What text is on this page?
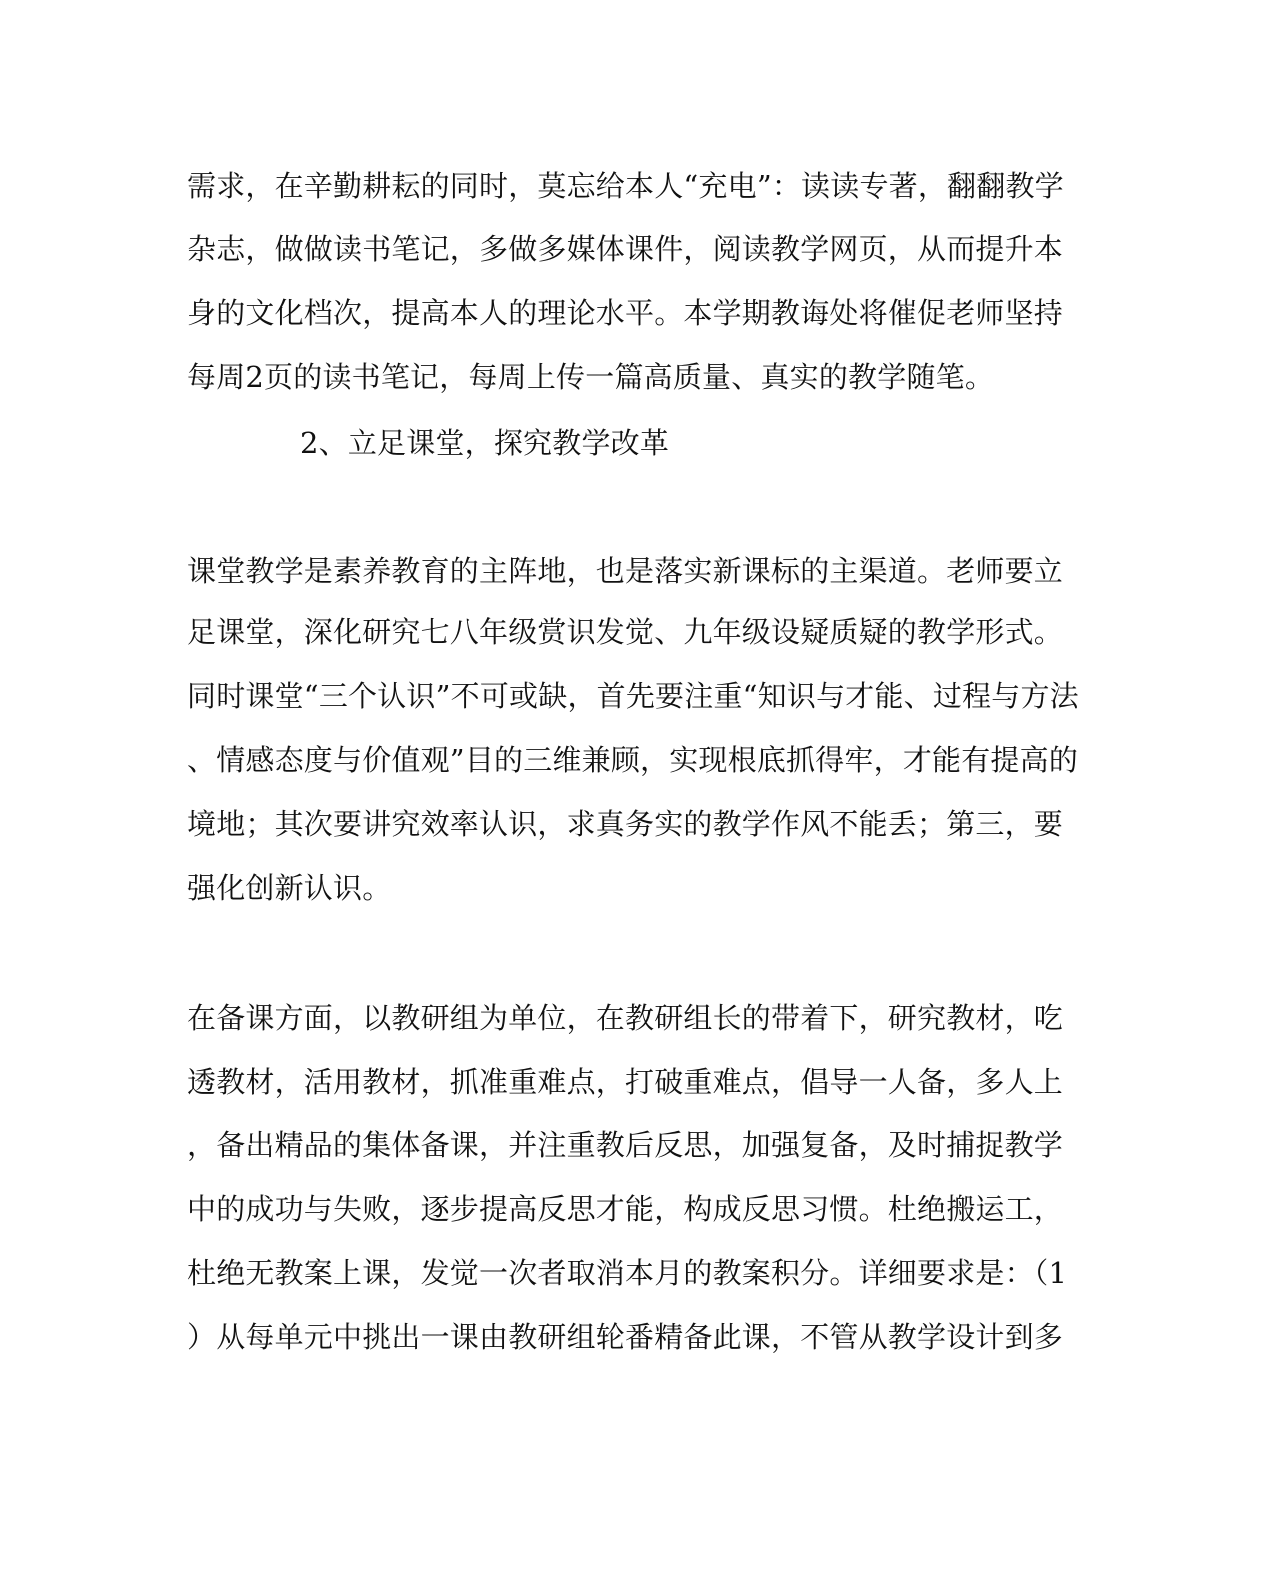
需求，在辛勤耕耘的同时，莫忘给本人“充电”：读读专著，翻翻教学
杂志，做做读书笔记，多做多媒体课件，阅读教学网页，从而提升本
身的文化档次，提高本人的理论水平。本学期教诲处将催促老师坚持
每周2页的读书笔记，每周上传一篇高质量、真实的教学随笔。
2、立足课堂，探究教学改革
课堂教学是素养教育的主阵地，也是落实新课标的主渠道。老师要立
足课堂，深化研究七八年级赏识发觉、九年级设疑质疑的教学形式。
同时课堂“三个认识”不可或缺，首先要注重“知识与才能、过程与方法
、情感态度与价值观”目的三维兼顾，实现根底抓得牢，才能有提高的
境地；其次要讲究效率认识，求真务实的教学作风不能丢；第三，要
强化创新认识。
在备课方面，以教研组为单位，在教研组长的带着下，研究教材，吃
透教材，活用教材，抓准重难点，打破重难点，倡导一人备，多人上
，备出精品的集体备课，并注重教后反思，加强复备，及时捕捉教学
中的成功与失败，逐步提高反思才能，构成反思习惯。杜绝搬运工，
杜绝无教案上课，发觉一次者取消本月的教案积分。详细要求是：（1
）从每单元中挑出一课由教研组轮番精备此课，不管从教学设计到多
